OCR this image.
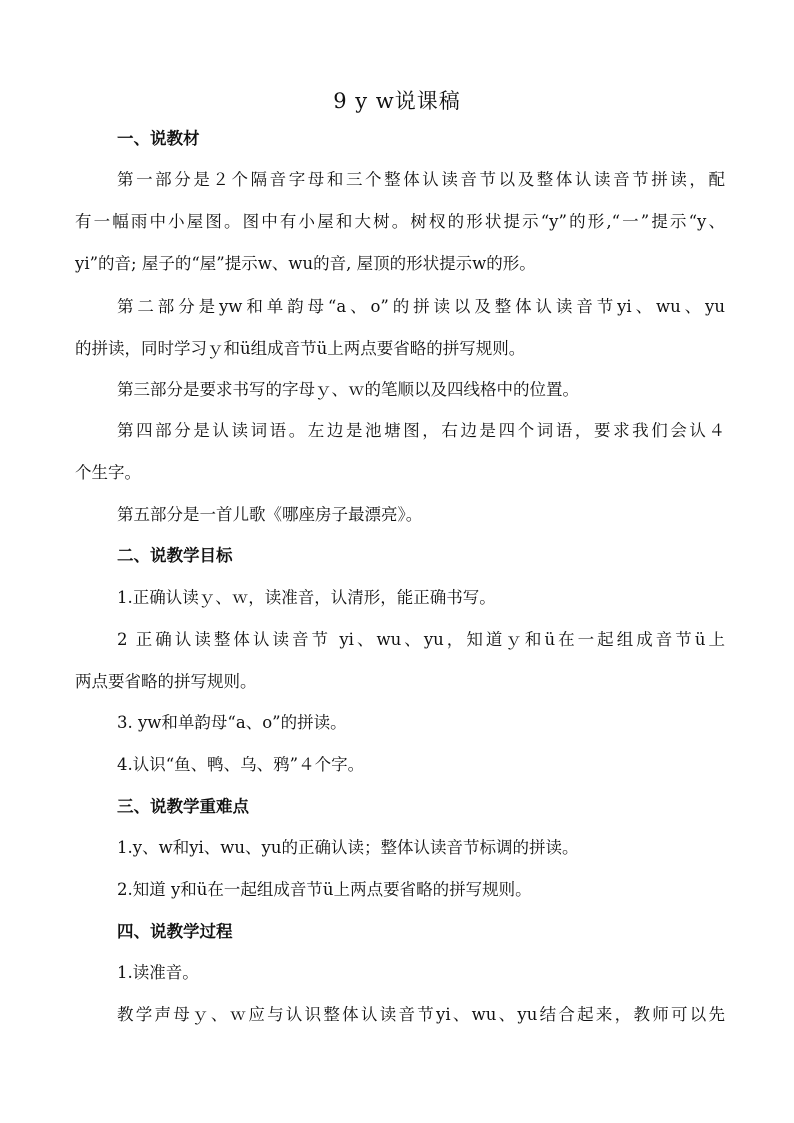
9 y w说课稿
一、说教材
第一部分是２个隔音字母和三个整体认读音节以及整体认读音节拼读，配
有一幅雨中小屋图。图中有小屋和大树。树杈的形状提示“y”的形,“一”提示“y、
yi”的音; 屋子的“屋”提示w、wu的音, 屋顶的形状提示w的形。
第二部分是yw和单韵母“a、o”的拼读以及整体认读音节yi、wu、yu
的拼读，同时学习ｙ和ü组成音节ü上两点要省略的拼写规则。
第三部分是要求书写的字母ｙ、ｗ的笔顺以及四线格中的位置。
第四部分是认读词语。左边是池塘图，右边是四个词语，要求我们会认４
个生字。
第五部分是一首儿歌《哪座房子最漂亮》。
二、说教学目标
1.正确认读ｙ、ｗ，读准音，认清形，能正确书写。
2 正确认读整体认读音节 yi、wu、yu，知道ｙ和ü在一起组成音节ü上
两点要省略的拼写规则。
3. yw和单韵母“a、o”的拼读。
4.认识“鱼、鸭、乌、鸦”４个字。
三、说教学重难点
1.y、w和yi、wu、yu的正确认读；整体认读音节标调的拼读。
2.知道 y和ü在一起组成音节ü上两点要省略的拼写规则。
四、说教学过程
1.读准音。
教学声母ｙ、ｗ应与认识整体认读音节yi、wu、yu结合起来，教师可以先
